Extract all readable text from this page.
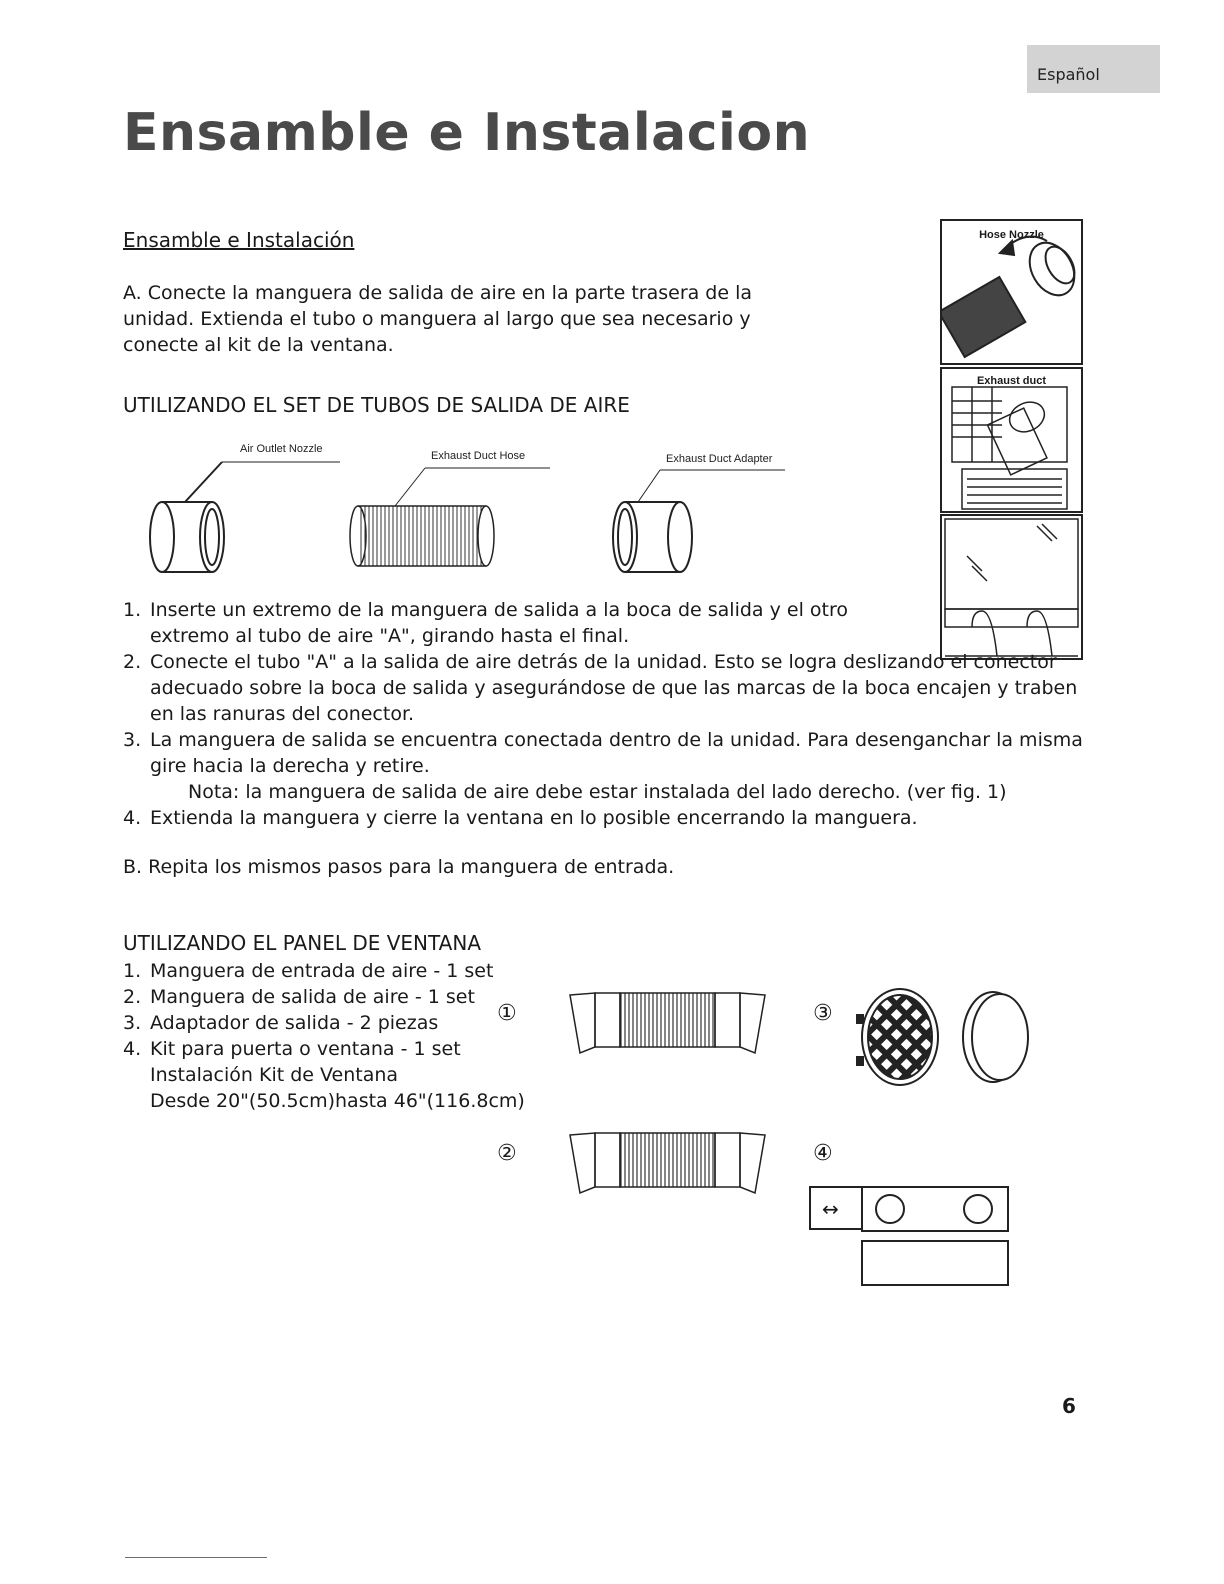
Español
Ensamble e Instalacion
Ensamble e Instalación
A. Conecte la manguera de salida de aire en la parte trasera de la unidad. Extienda el tubo o manguera al largo que sea necesario y conecte al kit de la ventana.
UTILIZANDO EL SET DE TUBOS DE SALIDA DE AIRE
Air Outlet Nozzle
Exhaust Duct Hose	Exhaust Duct Adapter
Hose Nozzle
Exhaust duct
1. Inserte un extremo de la manguera de salida a la boca de salida y el otro extremo al tubo de aire "A", girando hasta el final.
2. Conecte el tubo "A" a la salida de aire detrás de la unidad. Esto se logra deslizando el conector adecuado sobre la boca de salida y asegurándose de que las marcas de la boca encajen y traben en las ranuras del conector.
3. La manguera de salida se encuentra conectada dentro de la unidad. Para desenganchar la misma gire hacia la derecha y retire.
Nota: la manguera de salida de aire debe estar instalada del lado derecho. (ver fig. 1)
4. Extienda la manguera y cierre la ventana en lo posible encerrando la manguera.
B. Repita los mismos pasos para la manguera de entrada.
UTILIZANDO EL PANEL DE VENTANA
1. Manguera de entrada de aire - 1 set
2. Manguera de salida de aire - 1 set
3. Adaptador de salida - 2 piezas
4. Kit para puerta o ventana - 1 set
Instalación Kit de Ventana
Desde 20"(50.5cm)hasta 46"(116.8cm)
①
②
③
④
↔
6
